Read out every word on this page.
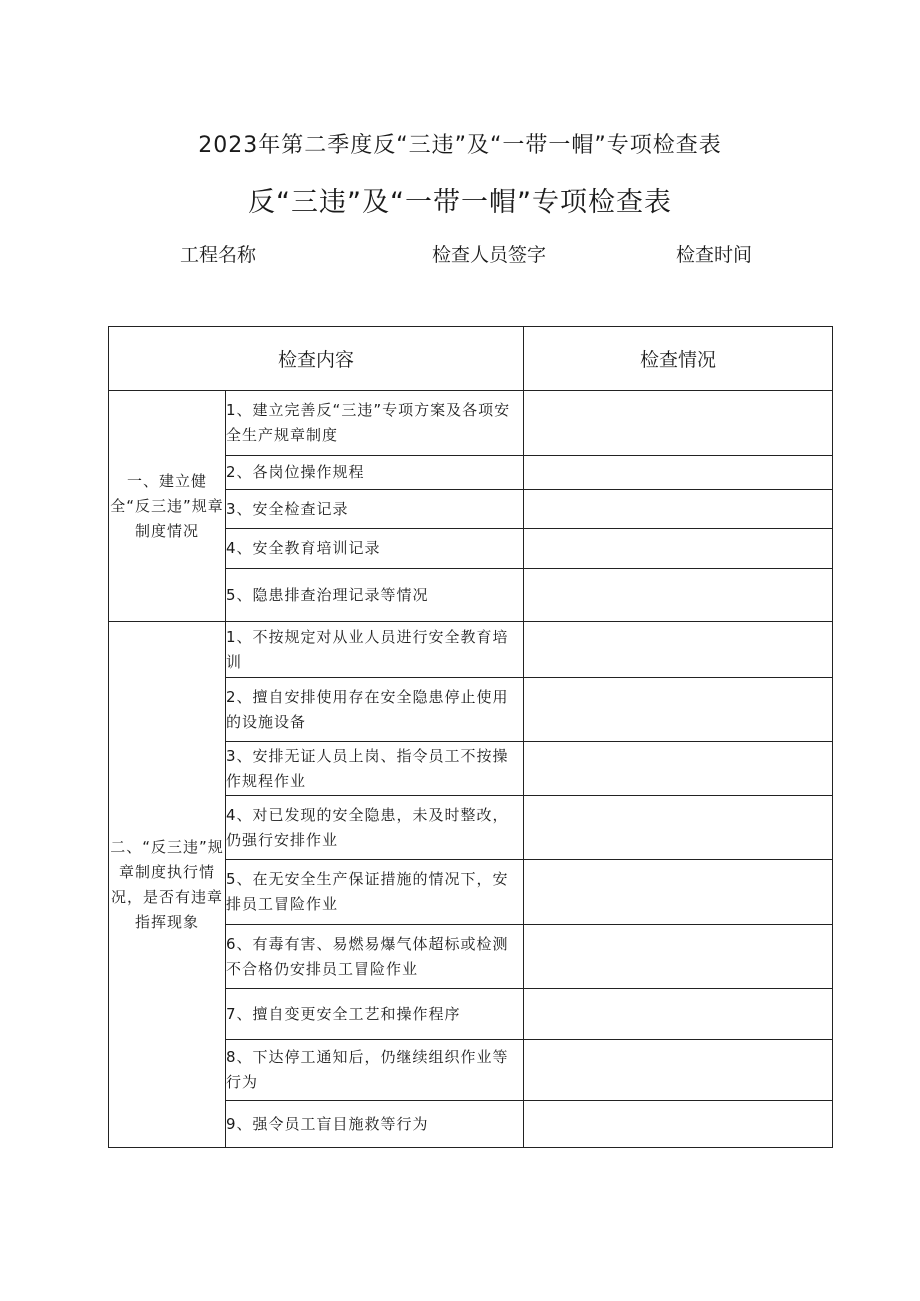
2023年第二季度反“三违”及“一带一帽”专项检查表
反“三违”及“一带一帽”专项检查表
工程名称	检查人员签字	检查时间
检查内容		检查情况
一、建立健全“反三违”规章制度情况	1、建立完善反“三违”专项方案及各项安全生产规章制度	
	2、各岗位操作规程	
	3、安全检查记录	
	4、安全教育培训记录	
	5、隐患排查治理记录等情况	
二、“反三违”规章制度执行情况，是否有违章指挥现象	1、不按规定对从业人员进行安全教育培训	
	2、擅自安排使用存在安全隐患停止使用的设施设备	
	3、安排无证人员上岗、指令员工不按操作规程作业	
	4、对已发现的安全隐患，未及时整改，仍强行安排作业	
	5、在无安全生产保证措施的情况下，安排员工冒险作业	
	6、有毒有害、易燃易爆气体超标或检测不合格仍安排员工冒险作业	
	7、擅自变更安全工艺和操作程序	
	8、下达停工通知后，仍继续组织作业等行为	
	9、强令员工盲目施救等行为	
